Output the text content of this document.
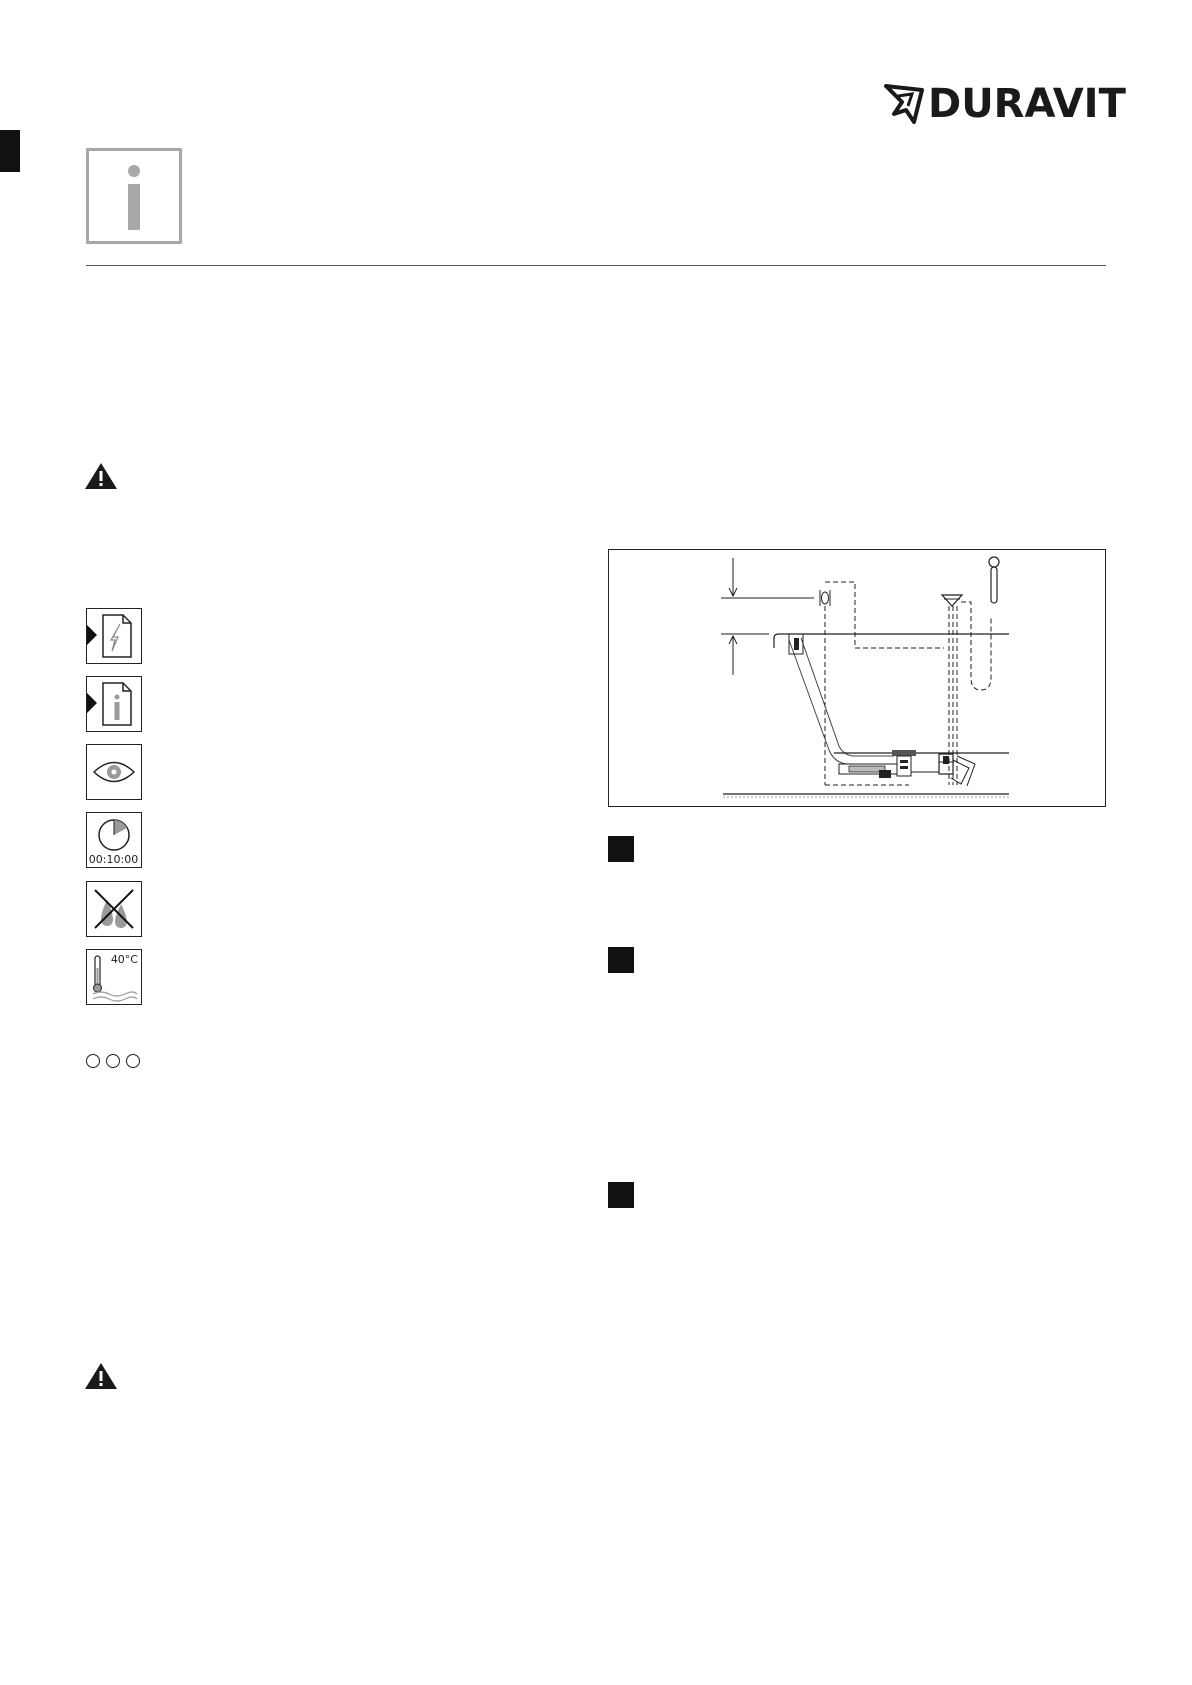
DURAVIT
00:10:00
40°C
